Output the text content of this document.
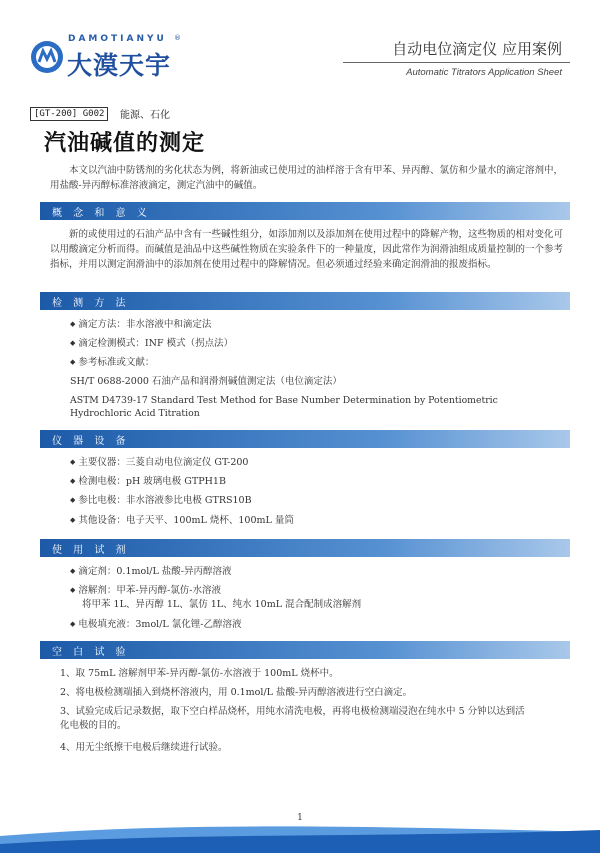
DAMOTIANYU ®
大漠天宇
自动电位滴定仪 应用案例
Automatic Titrators Application Sheet
[GT-200] G002	能源、石化
汽油碱值的测定
本文以汽油中防锈剂的劣化状态为例，将新油或已使用过的油样溶于含有甲苯、异丙醇、氯仿和少量水的滴定溶剂中，用盐酸-异丙醇标准溶液滴定，测定汽油中的碱值。
概 念 和 意 义
新的或使用过的石油产品中含有一些碱性组分，如添加剂以及添加剂在使用过程中的降解产物，这些物质的相对变化可以用酸滴定分析而得。而碱值是油品中这些碱性物质在实验条件下的一种量度，因此常作为润滑油组成质量控制的一个参考指标，并用以测定润滑油中的添加剂在使用过程中的降解情况。但必须通过经验来确定润滑油的报废指标。
检 测 方 法
◆ 滴定方法：非水溶液中和滴定法
◆ 滴定检测模式：INF 模式（拐点法）
◆ 参考标准或文献：
SH/T 0688-2000 石油产品和润滑剂碱值测定法（电位滴定法）
ASTM D4739-17 Standard Test Method for Base Number Determination by Potentiometric Hydrochloric Acid Titration
仪 器 设 备
◆ 主要仪器：三菱自动电位滴定仪 GT-200
◆ 检测电极：pH 玻璃电极 GTPH1B
◆ 参比电极：非水溶液参比电极 GTRS10B
◆ 其他设备：电子天平、100mL 烧杯、100mL 量筒
使 用 试 剂
◆ 滴定剂：0.1mol/L 盐酸-异丙醇溶液
◆ 溶解剂：甲苯-异丙醇-氯仿-水溶液
将甲苯 1L、异丙醇 1L、氯仿 1L、纯水 10mL 混合配制成溶解剂
◆ 电极填充液：3mol/L 氯化锂-乙醇溶液
空 白 试 验
1、取 75mL 溶解剂甲苯-异丙醇-氯仿-水溶液于 100mL 烧杯中。
2、将电极检测端插入到烧杯溶液内，用 0.1mol/L 盐酸-异丙醇溶液进行空白滴定。
3、试验完成后记录数据，取下空白样品烧杯，用纯水清洗电极，再将电极检测端浸泡在纯水中 5 分钟以达到活化电极的目的。
4、用无尘纸擦干电极后继续进行试验。
1
